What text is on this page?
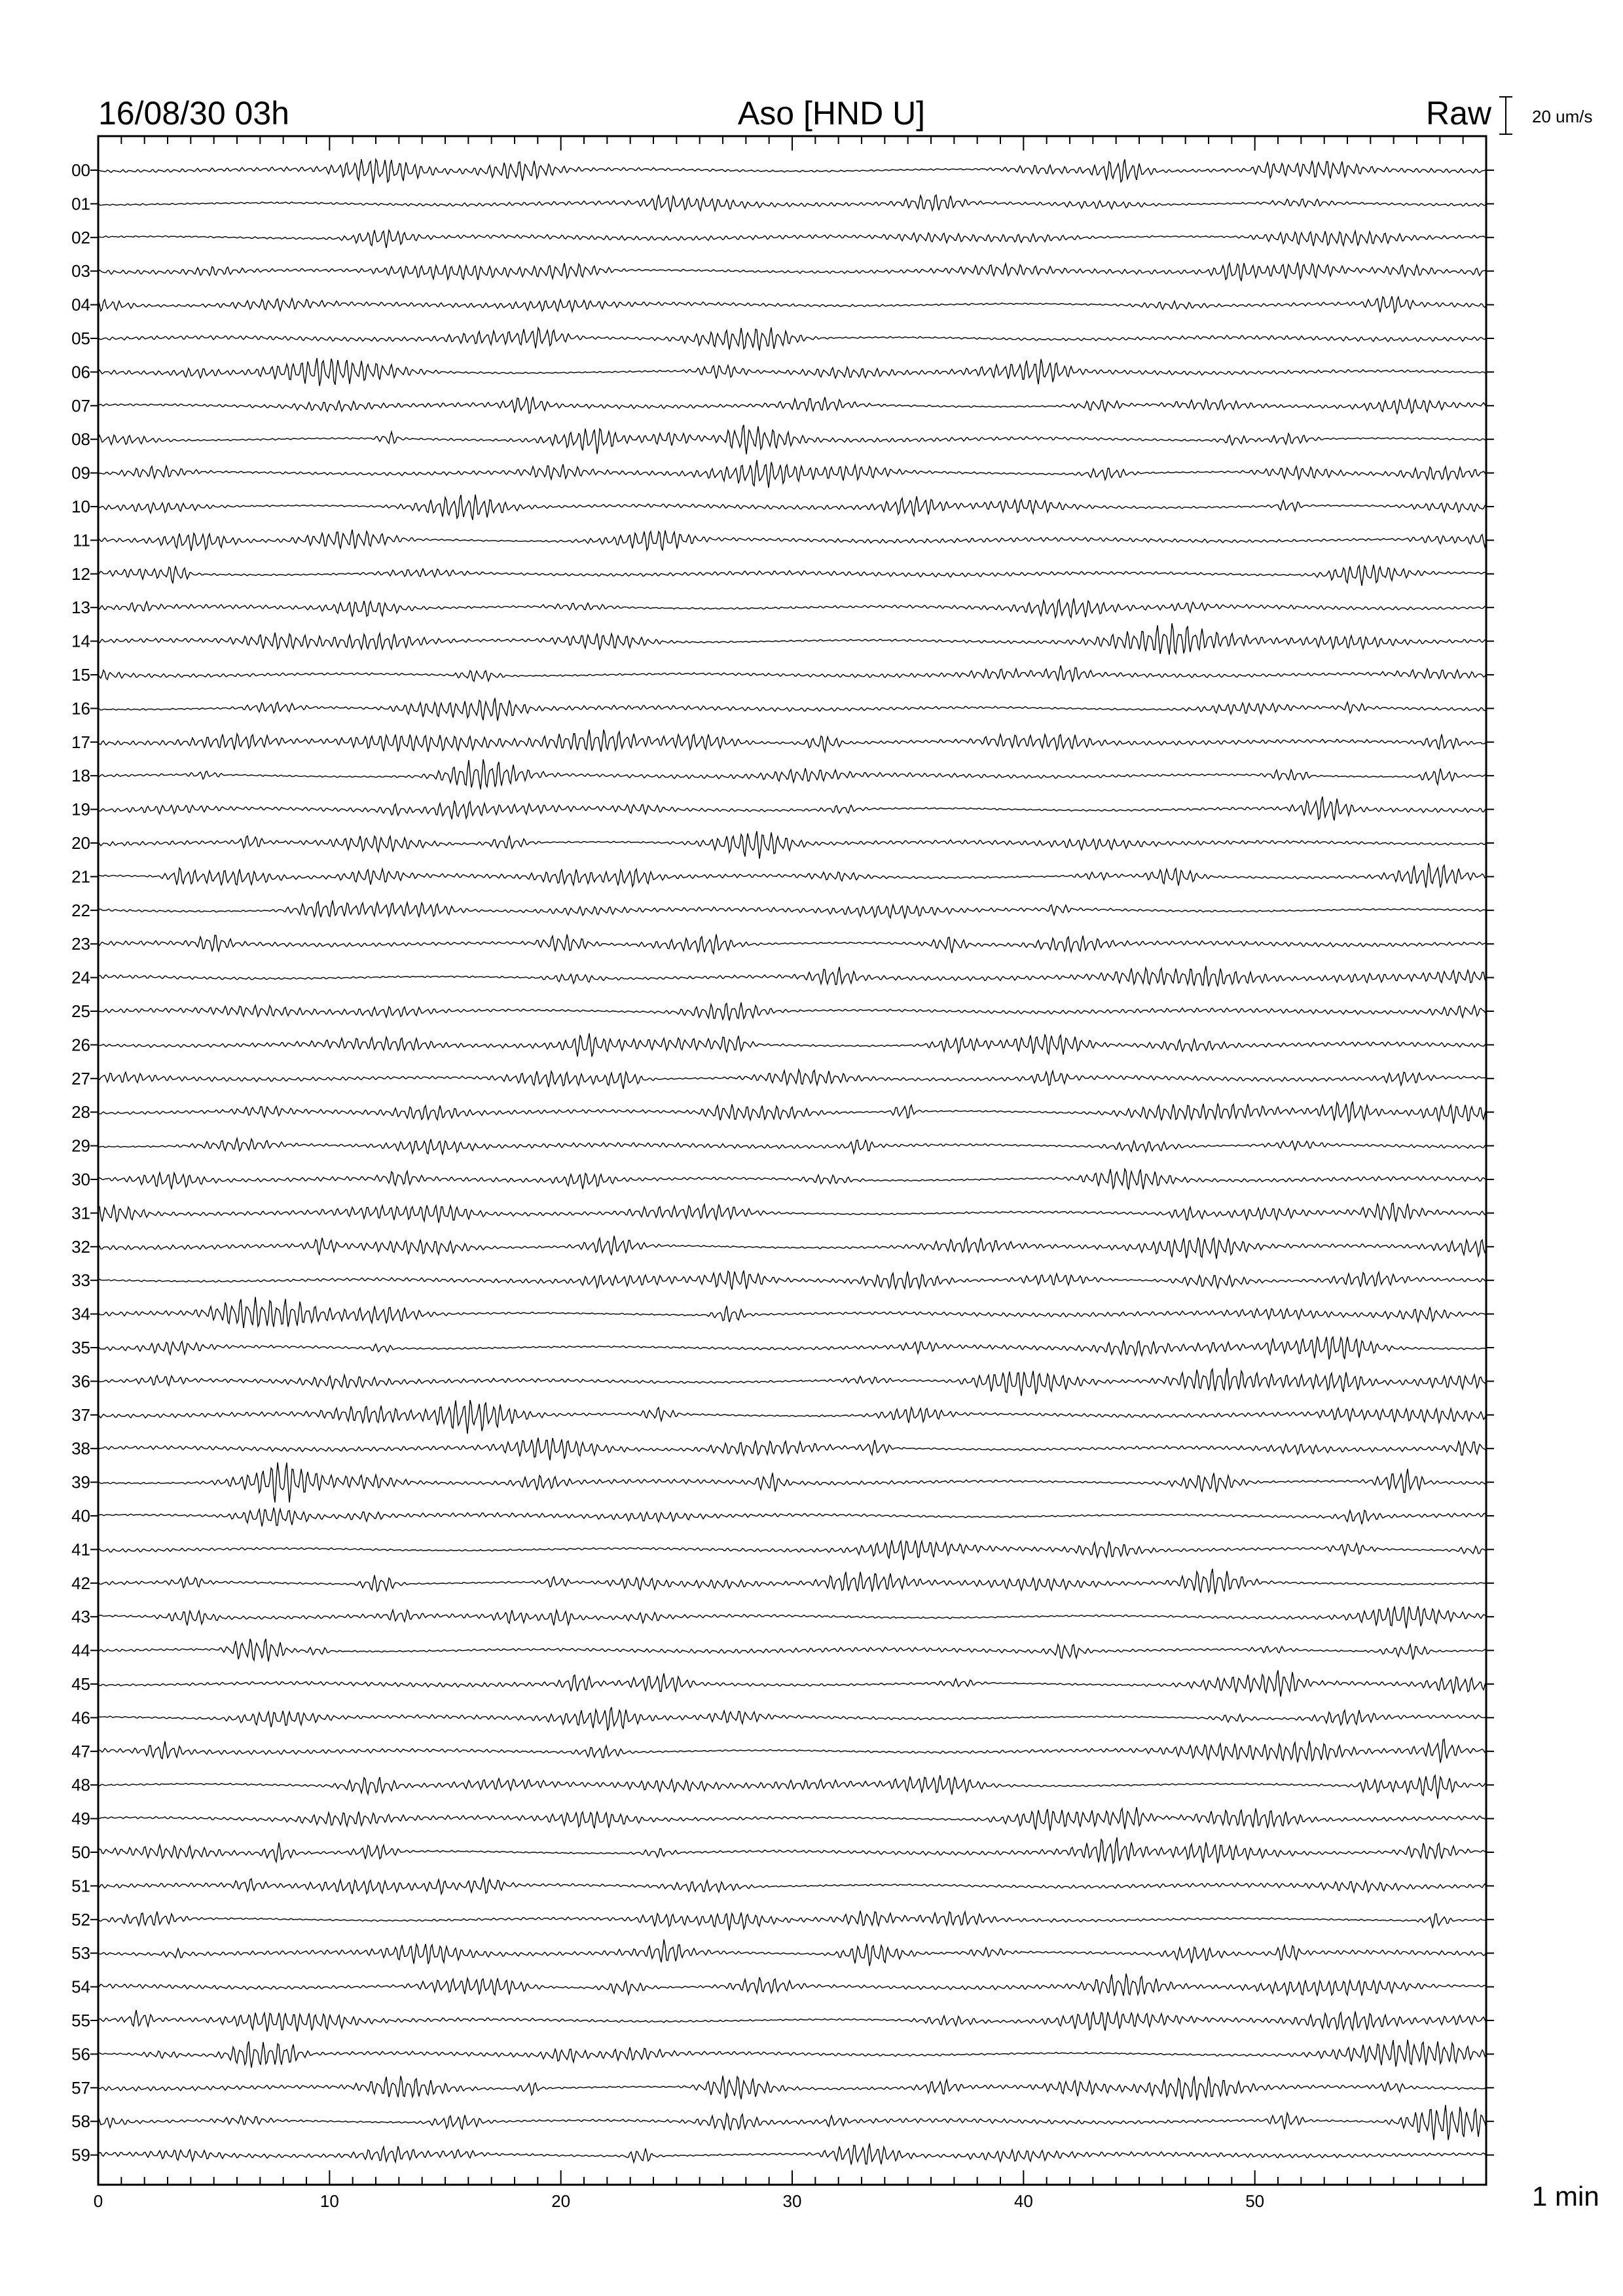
00
01
02
03
04
05
06
07
08
09
10
11
12
13
14
15
16
17
18
19
20
21
22
23
24
25
26
27
28
29
30
31
32
33
34
35
36
37
38
39
40
41
42
43
44
45
46
47
48
49
50
51
52
53
54
55
56
57
58
59
0	10	20	30	40	50
16/08/30 03h	Aso [HND U]	Raw 20 um/s
1 min
